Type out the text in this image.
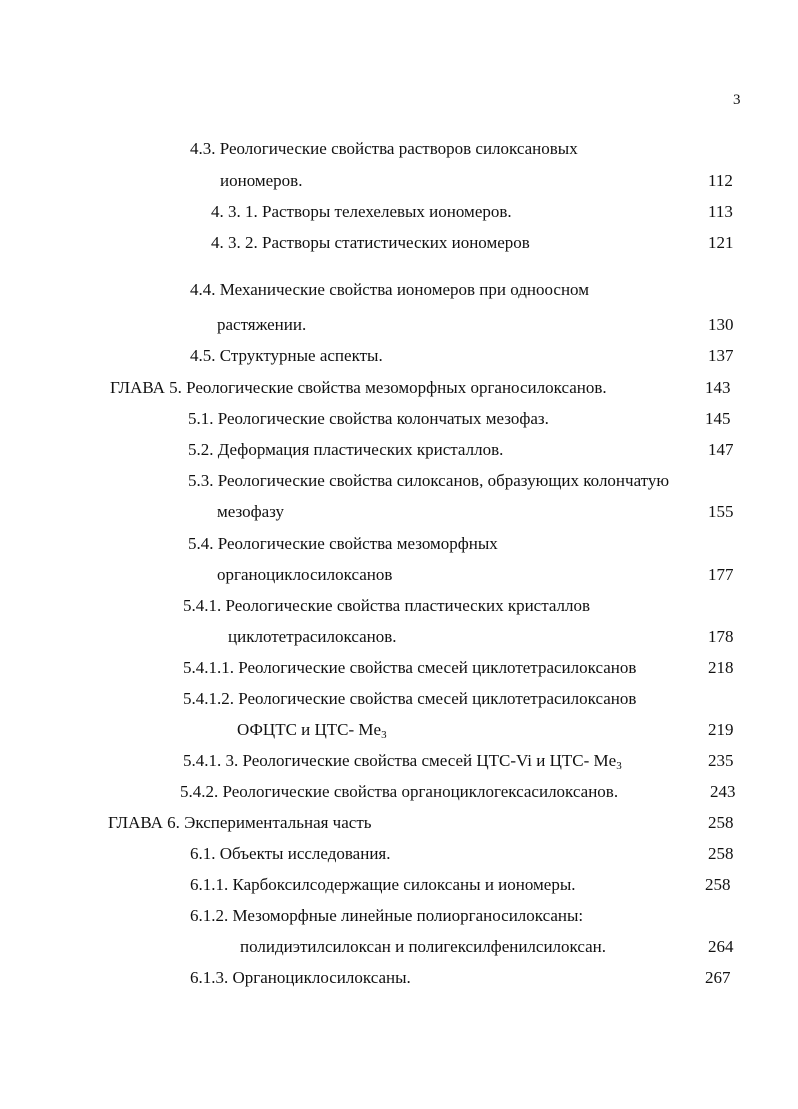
3
4.3. Реологические свойства растворов силоксановых
иономеров.	112
4. 3. 1. Растворы телехелевых иономеров.	113
4. 3. 2. Растворы статистических иономеров	121
4.4. Механические свойства иономеров при одноосном
растяжении.	130
4.5. Структурные аспекты.	137
ГЛАВА 5. Реологические свойства мезоморфных органосилоксанов.	143
5.1. Реологические свойства колончатых мезофаз.	145
5.2. Деформация пластических кристаллов.	147
5.3. Реологические свойства силоксанов, образующих колончатую
мезофазу	155
5.4. Реологические свойства мезоморфных
органоциклосилоксанов	177
5.4.1. Реологические свойства пластических кристаллов
циклотетрасилоксанов.	178
5.4.1.1. Реологические свойства смесей циклотетрасилоксанов	218
5.4.1.2. Реологические свойства смесей циклотетрасилоксанов
ОФЦТС и ЦТС- $Me_3$	219
5.4.1. 3. Реологические свойства смесей ЦТС-Vi и ЦТС- $Me_3$	235
5.4.2. Реологические свойства органоциклогексасилоксанов.	243
ГЛАВА 6. Экспериментальная часть	258
6.1. Объекты исследования.	258
6.1.1. Карбоксилсодержащие силоксаны и иономеры.	258
6.1.2. Мезоморфные линейные полиорганосилоксаны:
полидиэтилсилоксан и полигексилфенилсилоксан.	264
6.1.3. Органоциклосилоксаны.	267
